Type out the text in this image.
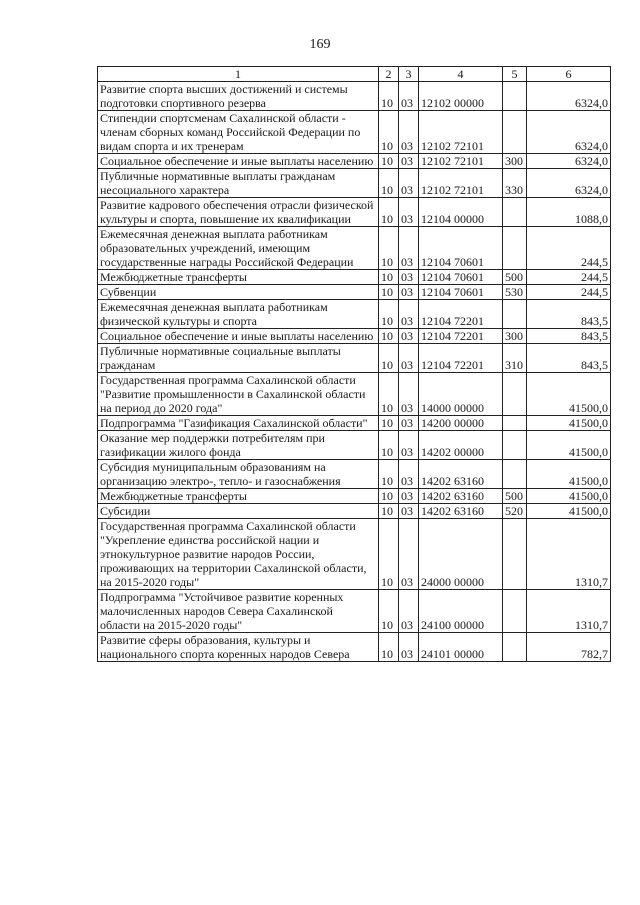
169
1	2	3	4	5	6
Развитие спорта высших достижений и системы подготовки спортивного резерва	10	03	12102 00000		6324,0
Стипендии спортсменам Сахалинской области - членам сборных команд Российской Федерации по видам спорта и их тренерам	10	03	12102 72101		6324,0
Социальное обеспечение и иные выплаты населению	10	03	12102 72101	300	6324,0
Публичные нормативные выплаты гражданам несоциального характера	10	03	12102 72101	330	6324,0
Развитие кадрового обеспечения отрасли физической культуры и спорта, повышение их квалификации	10	03	12104 00000		1088,0
Ежемесячная денежная выплата работникам образовательных учреждений, имеющим государственные награды Российской Федерации	10	03	12104 70601		244,5
Межбюджетные трансферты	10	03	12104 70601	500	244,5
Субвенции	10	03	12104 70601	530	244,5
Ежемесячная денежная выплата работникам физической культуры и спорта	10	03	12104 72201		843,5
Социальное обеспечение и иные выплаты населению	10	03	12104 72201	300	843,5
Публичные нормативные социальные выплаты гражданам	10	03	12104 72201	310	843,5
Государственная программа Сахалинской области "Развитие промышленности в Сахалинской области на период до 2020 года"	10	03	14000 00000		41500,0
Подпрограмма "Газификация Сахалинской области"	10	03	14200 00000		41500,0
Оказание мер поддержки потребителям при газификации жилого фонда	10	03	14202 00000		41500,0
Субсидия муниципальным образованиям на организацию электро-, тепло- и газоснабжения	10	03	14202 63160		41500,0
Межбюджетные трансферты	10	03	14202 63160	500	41500,0
Субсидии	10	03	14202 63160	520	41500,0
Государственная программа Сахалинской области "Укрепление единства российской нации и этнокультурное развитие народов России, проживающих на территории Сахалинской области, на 2015-2020 годы"	10	03	24000 00000		1310,7
Подпрограмма "Устойчивое развитие коренных малочисленных народов Севера Сахалинской области на 2015-2020 годы"	10	03	24100 00000		1310,7
Развитие сферы образования, культуры и национального спорта коренных народов Севера	10	03	24101 00000		782,7
